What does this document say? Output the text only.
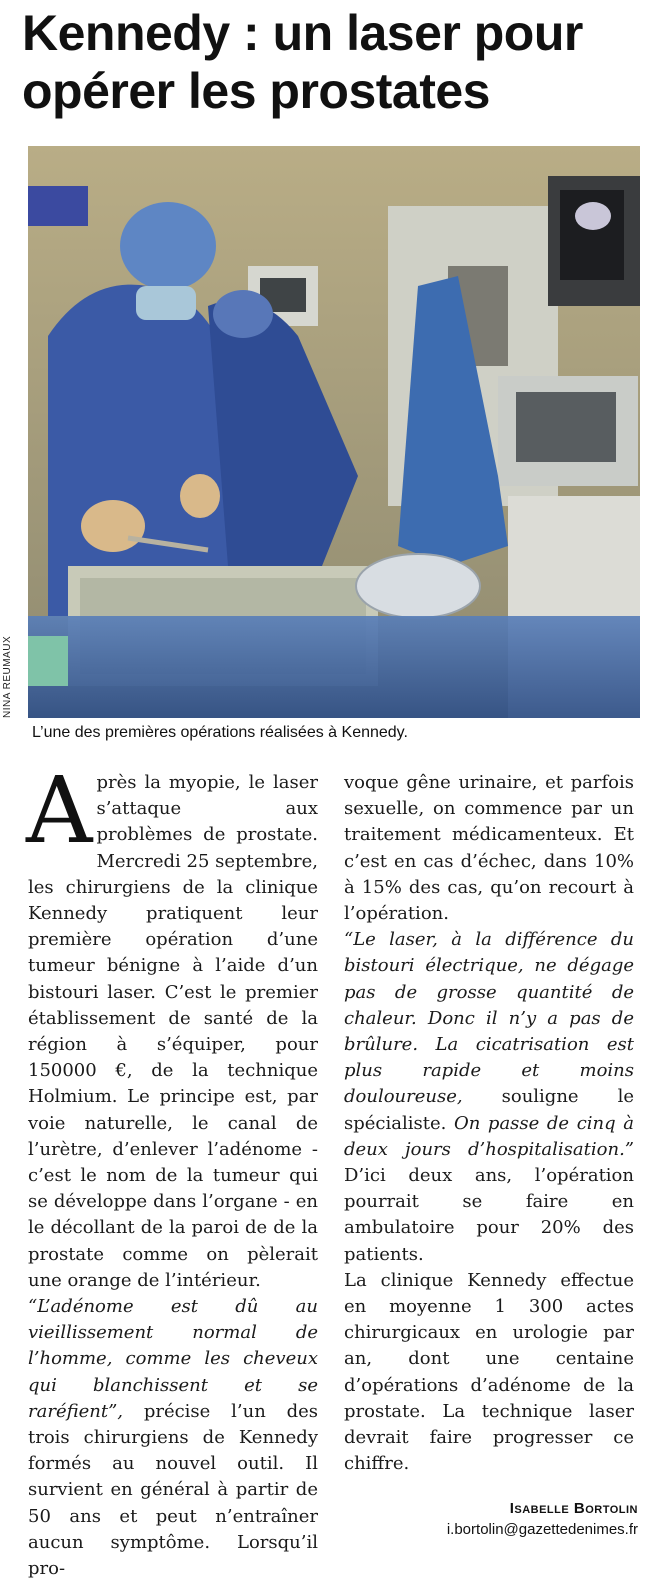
Kennedy : un laser pour opérer les prostates
NINA REUMAUX

L’une des premières opérations réalisées à Kennedy.

Après la myopie, le laser s’attaque aux problèmes de prostate. Mercredi 25 septembre, les chirurgiens de la clinique Kennedy pratiquent leur première opération d’une tumeur bénigne à l’aide d’un bistouri laser. C’est le premier établissement de santé de la région à s’équiper, pour 150000 €, de la technique Holmium. Le principe est, par voie naturelle, le canal de l’urètre, d’enlever l’adénome - c’est le nom de la tumeur qui se développe dans l’organe - en le décollant de la paroi de de la prostate comme on pèlerait une orange de l’intérieur.

“L’adénome est dû au vieillissement normal de l’homme, comme les cheveux qui blanchissent et se raréfient”, précise l’un des trois chirurgiens de Kennedy formés au nouvel outil. Il survient en général à partir de 50 ans et peut n’entraîner aucun symptôme. Lorsqu’il pro-

voque gêne urinaire, et parfois sexuelle, on commence par un traitement médicamenteux. Et c’est en cas d’échec, dans 10% à 15% des cas, qu’on recourt à l’opération.

“Le laser, à la différence du bistouri électrique, ne dégage pas de grosse quantité de chaleur. Donc il n’y a pas de brûlure. La cicatrisation est plus rapide et moins douloureuse, souligne le spécialiste. On passe de cinq à deux jours d’hospitalisation.” D’ici deux ans, l’opération pourrait se faire en ambulatoire pour 20% des patients.

La clinique Kennedy effectue en moyenne 1 300 actes chirurgicaux en urologie par an, dont une centaine d’opérations d’adénome de la prostate. La technique laser devrait faire progresser ce chiffre.

Isabelle Bortolin
i.bortolin@gazettedenimes.fr
